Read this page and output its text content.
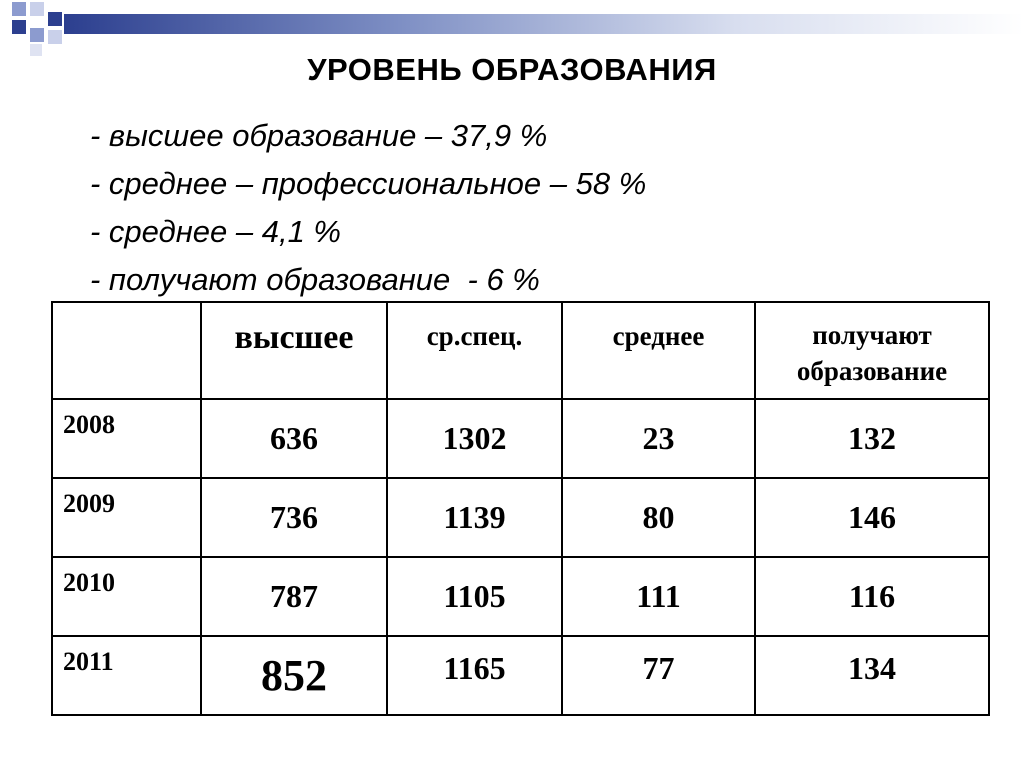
УРОВЕНЬ ОБРАЗОВАНИЯ
- высшее образование – 37,9 %
- среднее – профессиональное – 58 %
- среднее – 4,1 %
- получают образование  - 6 %
	высшее	ср.спец.	среднее	получают образование
2008	636	1302	23	132
2009	736	1139	80	146
2010	787	1105	111	116
2011	852	1165	77	134
